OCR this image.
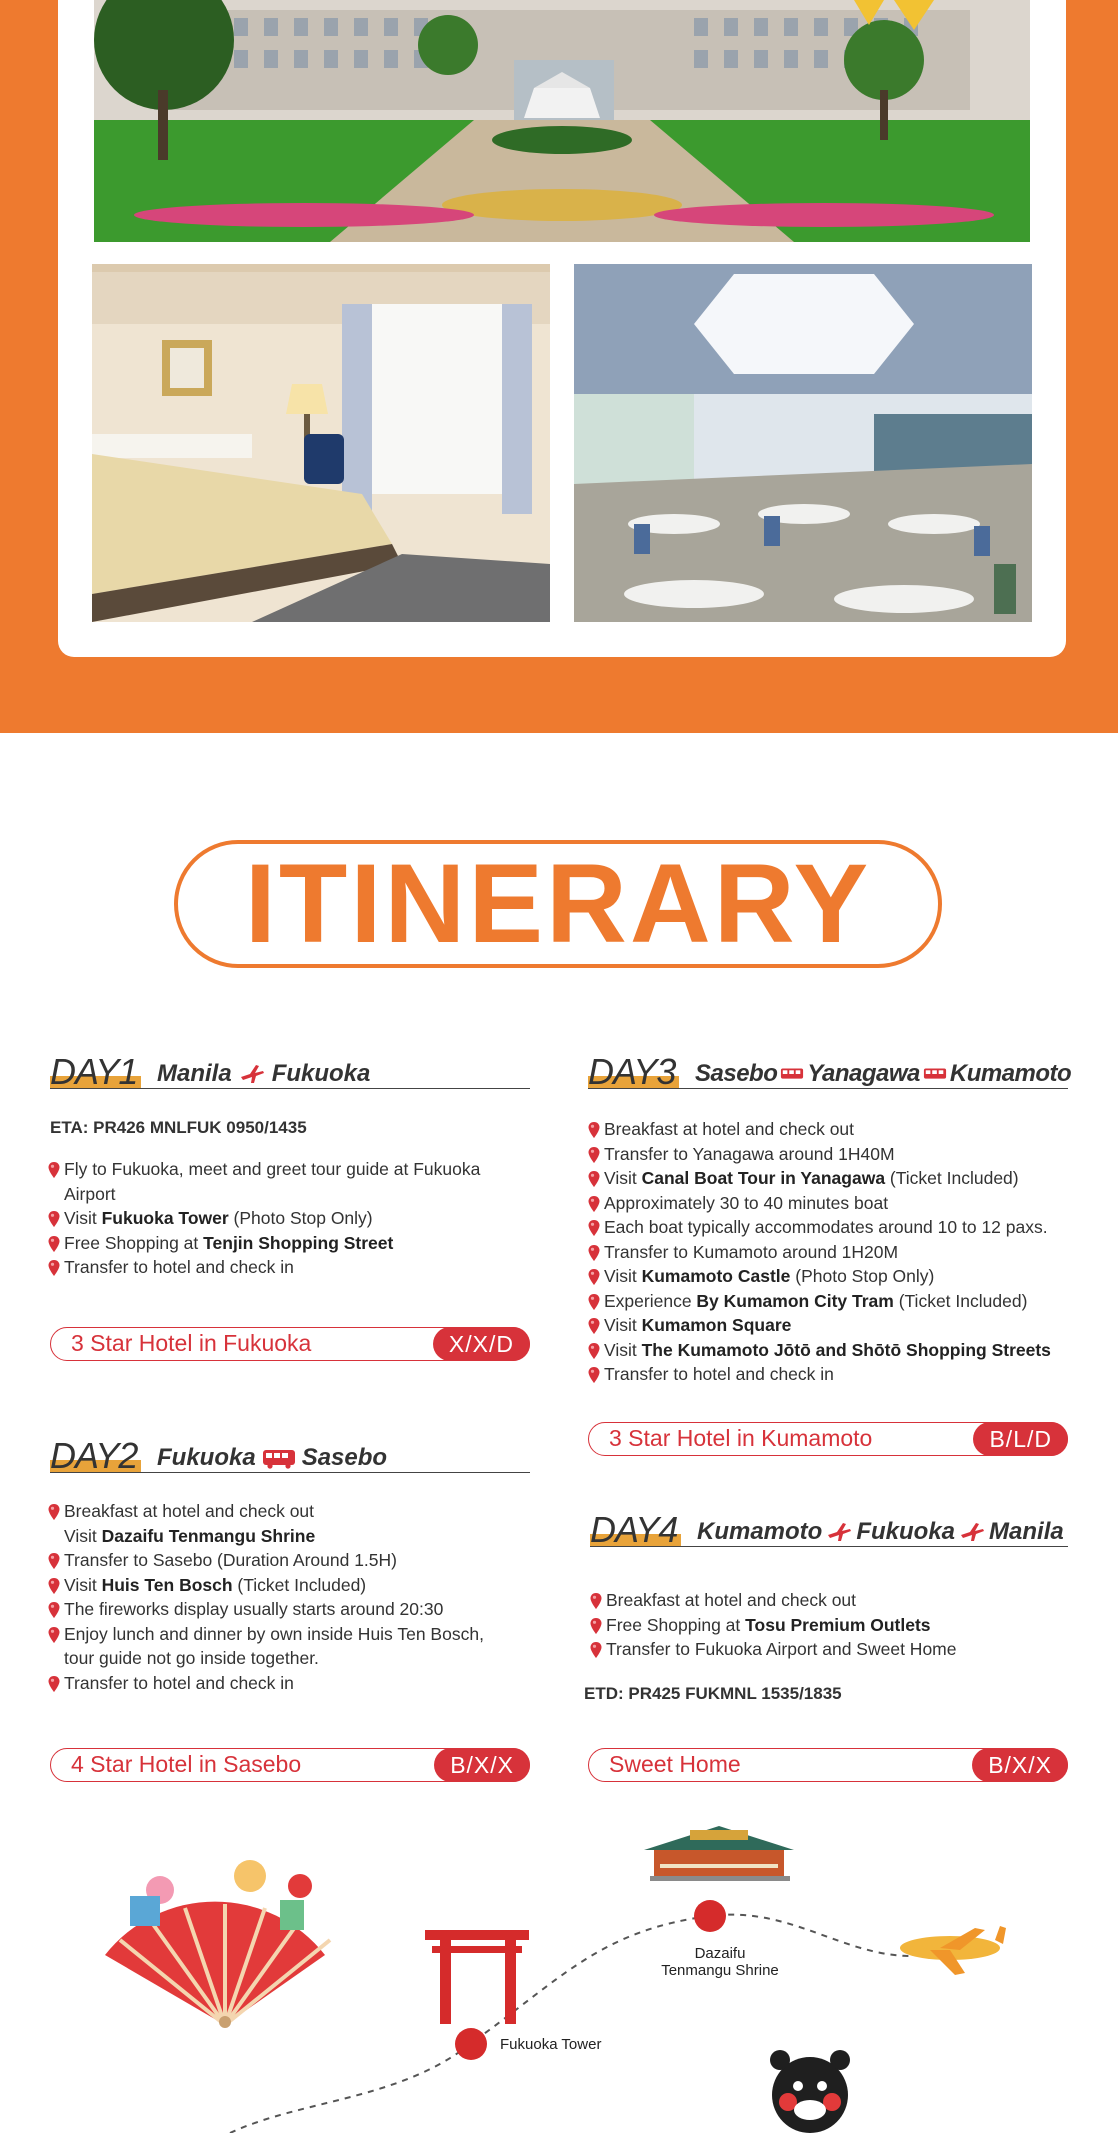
ITINERARY
DAY1 Manila Fukuoka
ETA: PR426 MNLFUK 0950/1435
Fly to Fukuoka, meet and greet tour guide at Fukuoka
Airport
Visit Fukuoka Tower (Photo Stop Only)
Free Shopping at Tenjin Shopping Street
Transfer to hotel and check in
3 Star Hotel in Fukuoka	X/X/D
DAY2 Fukuoka Sasebo
Breakfast at hotel and check out
Visit Dazaifu Tenmangu Shrine
Transfer to Sasebo (Duration Around 1.5H)
Visit Huis Ten Bosch (Ticket Included)
The fireworks display usually starts around 20:30
Enjoy lunch and dinner by own inside Huis Ten Bosch,
tour guide not go inside together.
Transfer to hotel and check in
4 Star Hotel in Sasebo	B/X/X
DAY3 Sasebo Yanagawa Kumamoto
Breakfast at hotel and check out
Transfer to Yanagawa around 1H40M
Visit Canal Boat Tour in Yanagawa (Ticket Included)
Approximately 30 to 40 minutes boat
Each boat typically accommodates around 10 to 12 paxs.
Transfer to Kumamoto around 1H20M
Visit Kumamoto Castle (Photo Stop Only)
Experience By Kumamon City Tram (Ticket Included)
Visit Kumamon Square
Visit The Kumamoto Jōtō and Shōtō Shopping Streets
Transfer to hotel and check in
3 Star Hotel in Kumamoto	B/L/D
DAY4 Kumamoto Fukuoka Manila
Breakfast at hotel and check out
Free Shopping at Tosu Premium Outlets
Transfer to Fukuoka Airport and Sweet Home
ETD: PR425 FUKMNL 1535/1835
Sweet Home	B/X/X
Dazaifu
Tenmangu Shrine
Fukuoka Tower
